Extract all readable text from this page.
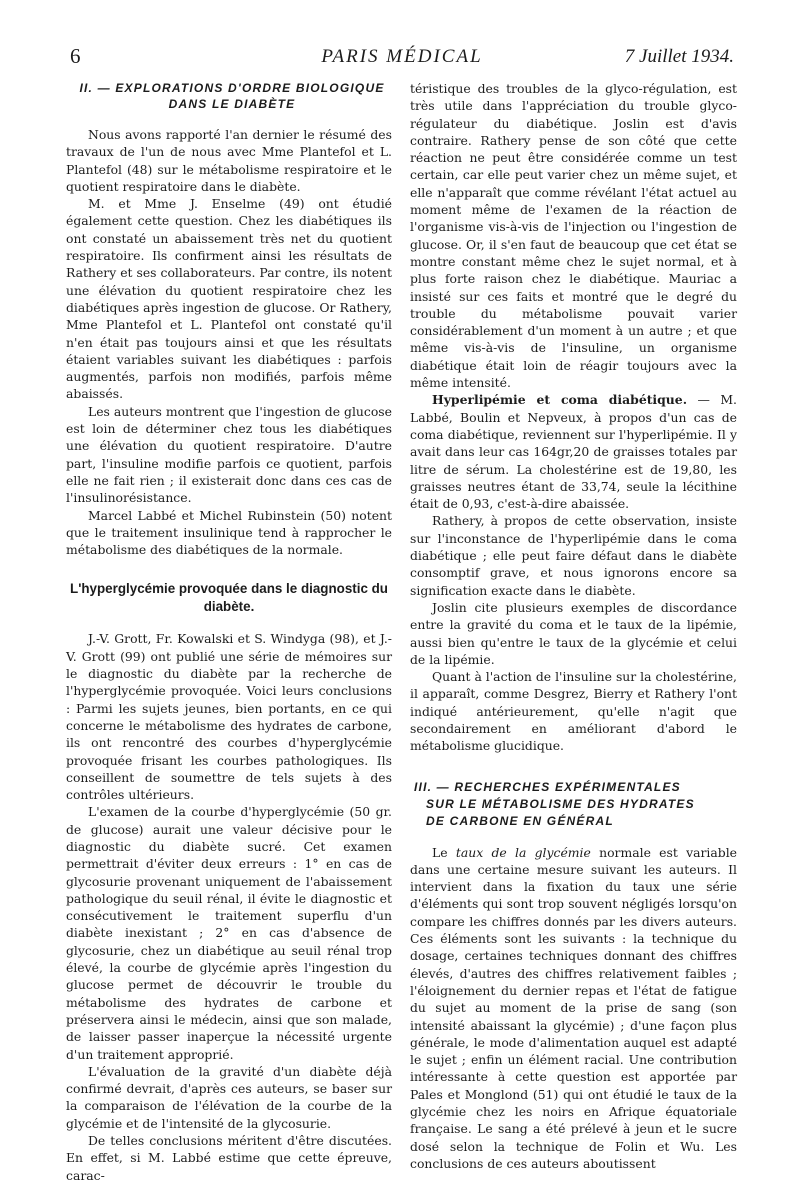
6	PARIS MÉDICAL	7 Juillet 1934.
II. — EXPLORATIONS D'ORDRE BIOLOGIQUE
DANS LE DIABÈTE

Nous avons rapporté l'an dernier le résumé des travaux de l'un de nous avec Mme Plantefol et L. Plantefol (48) sur le métabolisme respiratoire et le quotient respiratoire dans le diabète.

M. et Mme J. Enselme (49) ont étudié également cette question. Chez les diabétiques ils ont constaté un abaissement très net du quotient respiratoire. Ils confirment ainsi les résultats de Rathery et ses collaborateurs. Par contre, ils notent une élévation du quotient respiratoire chez les diabétiques après ingestion de glucose. Or Rathery, Mme Plantefol et L. Plantefol ont constaté qu'il n'en était pas toujours ainsi et que les résultats étaient variables suivant les diabétiques : parfois augmentés, parfois non modifiés, parfois même abaissés.

Les auteurs montrent que l'ingestion de glucose est loin de déterminer chez tous les diabétiques une élévation du quotient respiratoire. D'autre part, l'insuline modifie parfois ce quotient, parfois elle ne fait rien ; il existerait donc dans ces cas de l'insulinorésistance.

Marcel Labbé et Michel Rubinstein (50) notent que le traitement insulinique tend à rapprocher le métabolisme des diabétiques de la normale.

L'hyperglycémie provoquée dans le diagnostic du diabète.

J.-V. Grott, Fr. Kowalski et S. Windyga (98), et J.-V. Grott (99) ont publié une série de mémoires sur le diagnostic du diabète par la recherche de l'hyperglycémie provoquée. Voici leurs conclusions : Parmi les sujets jeunes, bien portants, en ce qui concerne le métabolisme des hydrates de carbone, ils ont rencontré des courbes d'hyperglycémie provoquée frisant les courbes pathologiques. Ils conseillent de soumettre de tels sujets à des contrôles ultérieurs.

L'examen de la courbe d'hyperglycémie (50 gr. de glucose) aurait une valeur décisive pour le diagnostic du diabète sucré. Cet examen permettrait d'éviter deux erreurs : 1° en cas de glycosurie provenant uniquement de l'abaissement pathologique du seuil rénal, il évite le diagnostic et consécutivement le traitement superflu d'un diabète inexistant ; 2° en cas d'absence de glycosurie, chez un diabétique au seuil rénal trop élevé, la courbe de glycémie après l'ingestion du glucose permet de découvrir le trouble du métabolisme des hydrates de carbone et préservera ainsi le médecin, ainsi que son malade, de laisser passer inaperçue la nécessité urgente d'un traitement approprié.

L'évaluation de la gravité d'un diabète déjà confirmé devrait, d'après ces auteurs, se baser sur la comparaison de l'élévation de la courbe de la glycémie et de l'intensité de la glycosurie.

De telles conclusions méritent d'être discutées. En effet, si M. Labbé estime que cette épreuve, carac-

téristique des troubles de la glyco-régulation, est très utile dans l'appréciation du trouble glyco-régulateur du diabétique. Joslin est d'avis contraire. Rathery pense de son côté que cette réaction ne peut être considérée comme un test certain, car elle peut varier chez un même sujet, et elle n'apparaît que comme révélant l'état actuel au moment même de l'examen de la réaction de l'organisme vis-à-vis de l'injection ou l'ingestion de glucose. Or, il s'en faut de beaucoup que cet état se montre constant même chez le sujet normal, et à plus forte raison chez le diabétique. Mauriac a insisté sur ces faits et montré que le degré du trouble du métabolisme pouvait varier considérablement d'un moment à un autre ; et que même vis-à-vis de l'insuline, un organisme diabétique était loin de réagir toujours avec la même intensité.

Hyperlipémie et coma diabétique. — M. Labbé, Boulin et Nepveux, à propos d'un cas de coma diabétique, reviennent sur l'hyperlipémie. Il y avait dans leur cas 164gr,20 de graisses totales par litre de sérum. La cholestérine est de 19,80, les graisses neutres étant de 33,74, seule la lécithine était de 0,93, c'est-à-dire abaissée.

Rathery, à propos de cette observation, insiste sur l'inconstance de l'hyperlipémie dans le coma diabétique ; elle peut faire défaut dans le diabète consomptif grave, et nous ignorons encore sa signification exacte dans le diabète.

Joslin cite plusieurs exemples de discordance entre la gravité du coma et le taux de la lipémie, aussi bien qu'entre le taux de la glycémie et celui de la lipémie.

Quant à l'action de l'insuline sur la cholestérine, il apparaît, comme Desgrez, Bierry et Rathery l'ont indiqué antérieurement, qu'elle n'agit que secondairement en améliorant d'abord le métabolisme glucidique.

III. — RECHERCHES EXPÉRIMENTALES
SUR LE MÉTABOLISME DES HYDRATES
DE CARBONE EN GÉNÉRAL

Le taux de la glycémie normale est variable dans une certaine mesure suivant les auteurs. Il intervient dans la fixation du taux une série d'éléments qui sont trop souvent négligés lorsqu'on compare les chiffres donnés par les divers auteurs. Ces éléments sont les suivants : la technique du dosage, certaines techniques donnant des chiffres élevés, d'autres des chiffres relativement faibles ; l'éloignement du dernier repas et l'état de fatigue du sujet au moment de la prise de sang (son intensité abaissant la glycémie) ; d'une façon plus générale, le mode d'alimentation auquel est adapté le sujet ; enfin un élément racial. Une contribution intéressante à cette question est apportée par Pales et Monglond (51) qui ont étudié le taux de la glycémie chez les noirs en Afrique équatoriale française. Le sang a été prélevé à jeun et le sucre dosé selon la technique de Folin et Wu. Les conclusions de ces auteurs aboutissent
